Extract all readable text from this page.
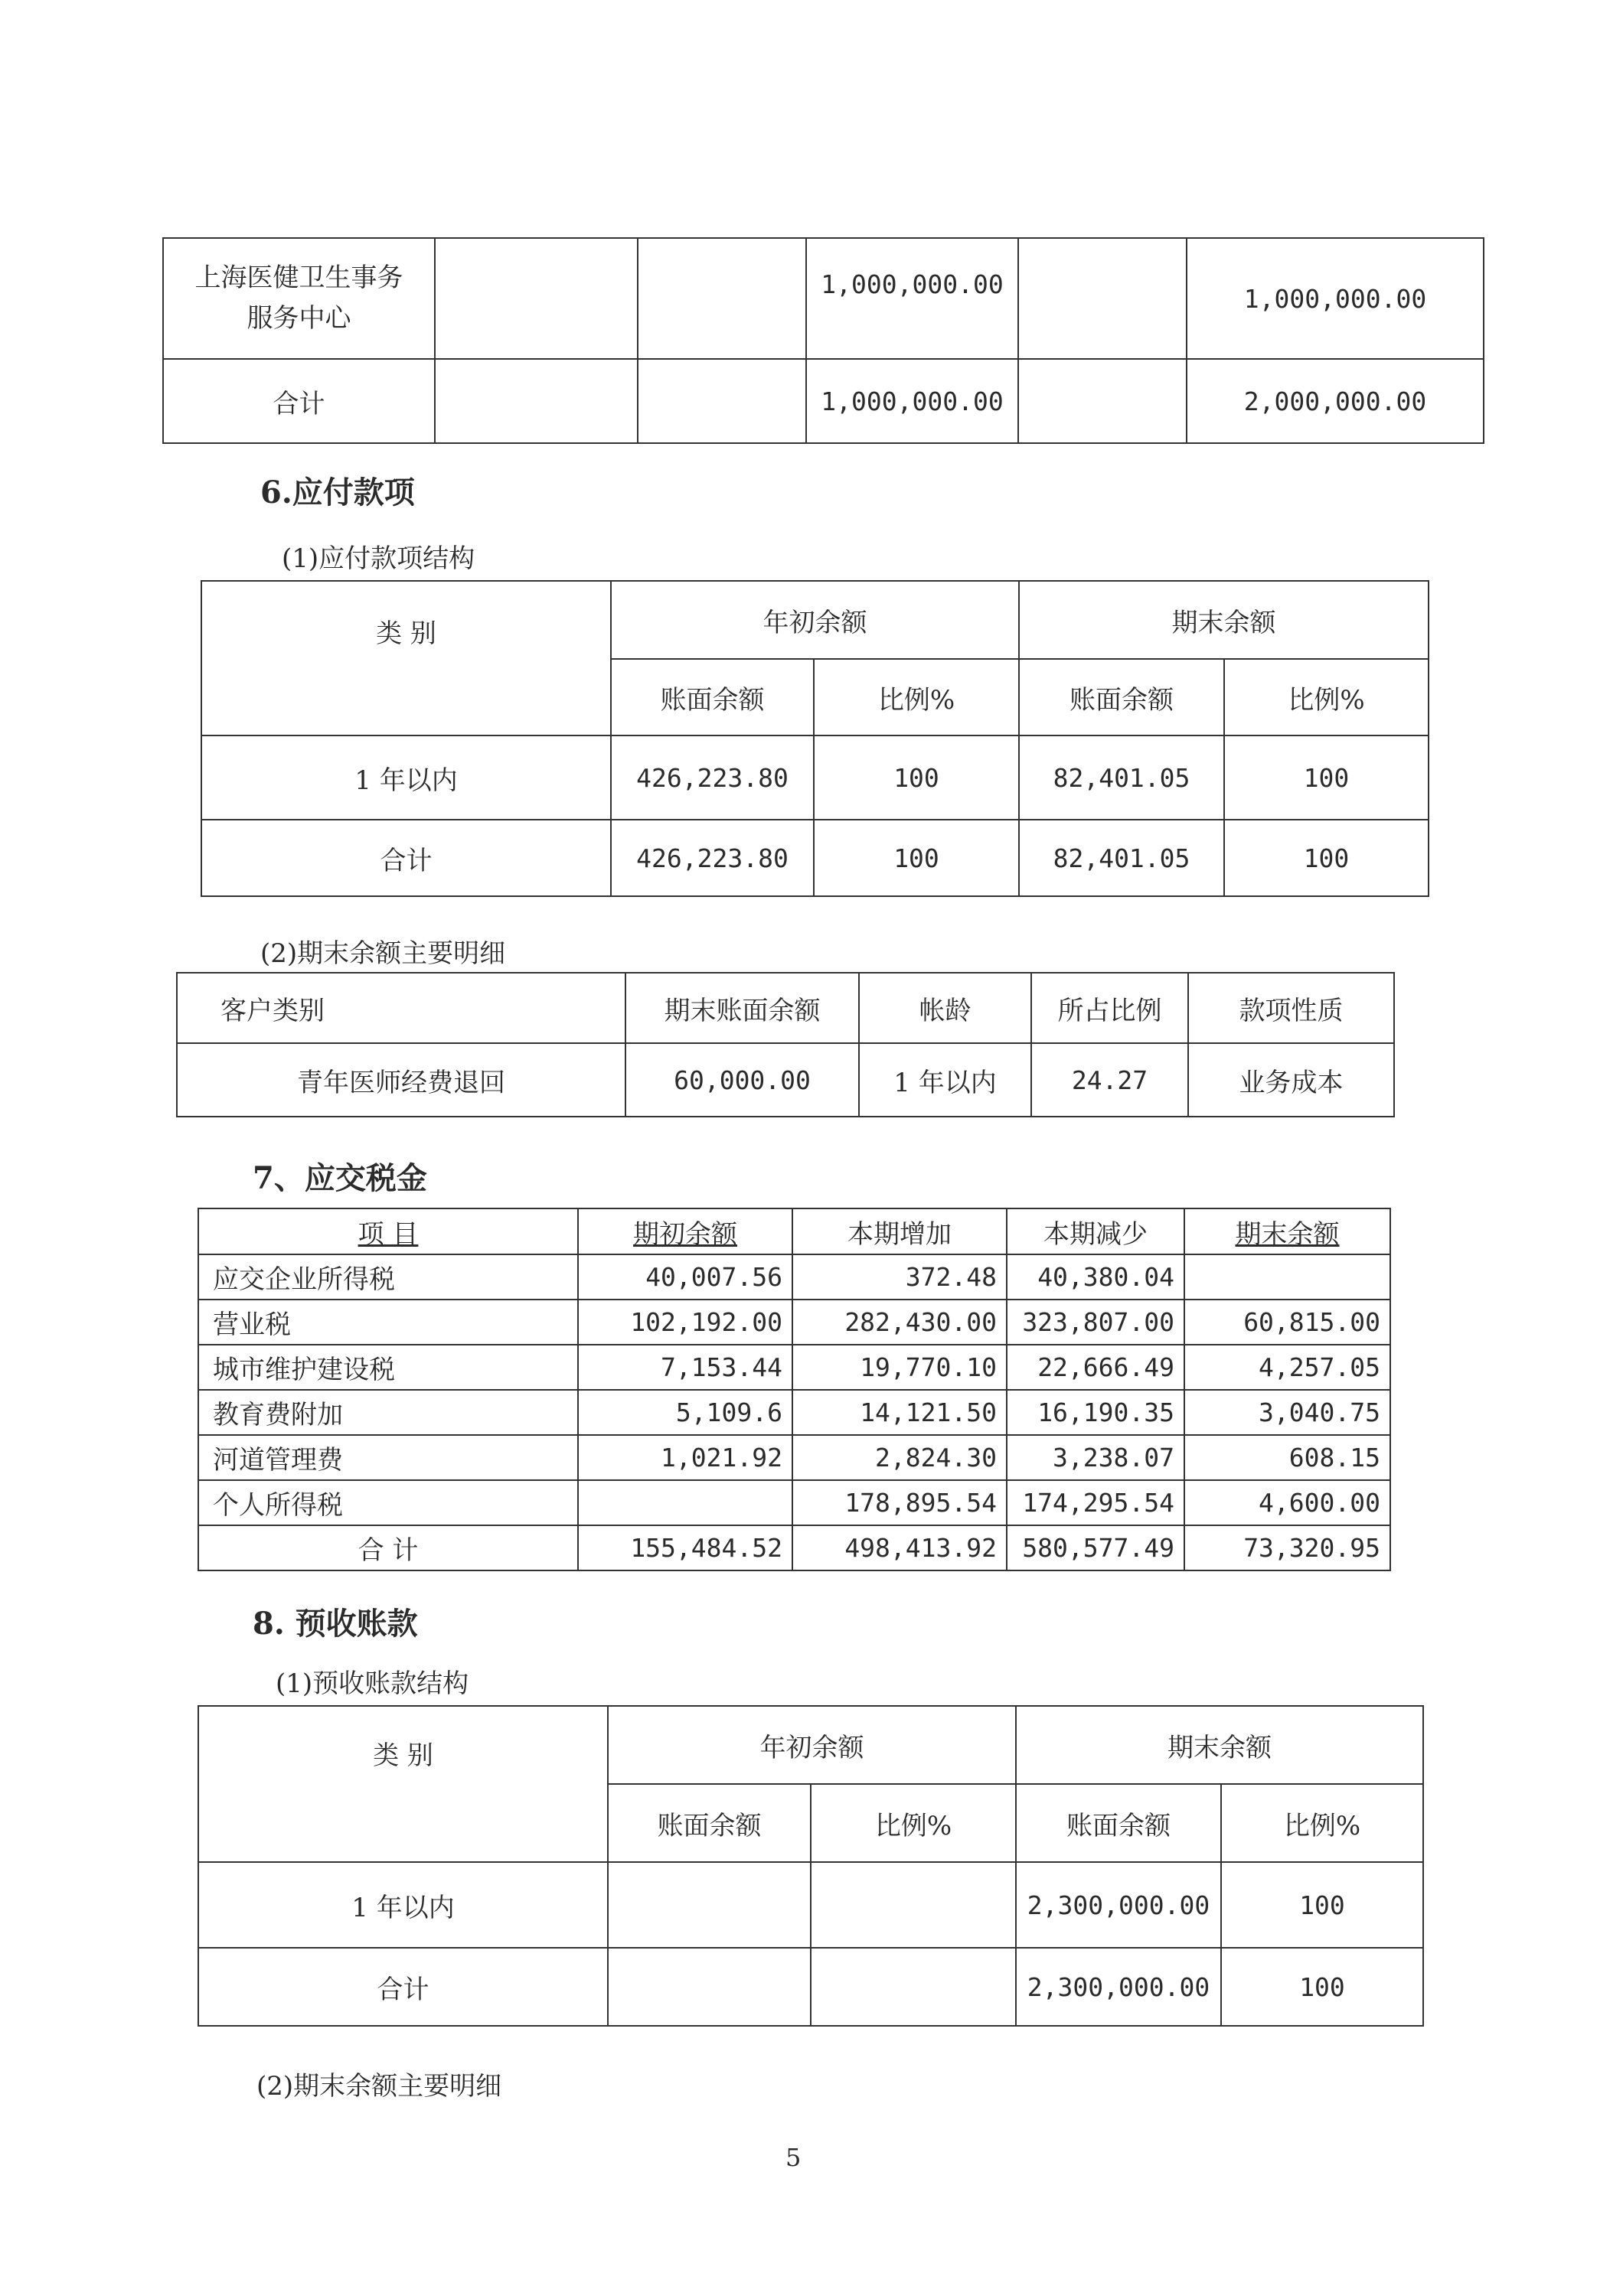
上海医健卫生事务服务中心			1,000,000.00		1,000,000.00
合计			1,000,000.00		2,000,000.00
6.应付款项
(1)应付款项结构
类 别	年初余额		期末余额	
	账面余额	比例%	账面余额	比例%
1 年以内	426,223.80	100	82,401.05	100
合计	426,223.80	100	82,401.05	100
(2)期末余额主要明细
客户类别	期末账面余额	帐龄	所占比例	款项性质
青年医师经费退回	60,000.00	1 年以内	24.27	业务成本
7、应交税金
项 目	期初余额	本期增加	本期减少	期末余额
应交企业所得税	40,007.56	372.48	40,380.04	
营业税	102,192.00	282,430.00	323,807.00	60,815.00
城市维护建设税	7,153.44	19,770.10	22,666.49	4,257.05
教育费附加	5,109.6	14,121.50	16,190.35	3,040.75
河道管理费	1,021.92	2,824.30	3,238.07	608.15
个人所得税		178,895.54	174,295.54	4,600.00
合 计	155,484.52	498,413.92	580,577.49	73,320.95
8. 预收账款
(1)预收账款结构
类 别	年初余额		期末余额	
	账面余额	比例%	账面余额	比例%
1 年以内			2,300,000.00	100
合计			2,300,000.00	100
(2)期末余额主要明细
5
